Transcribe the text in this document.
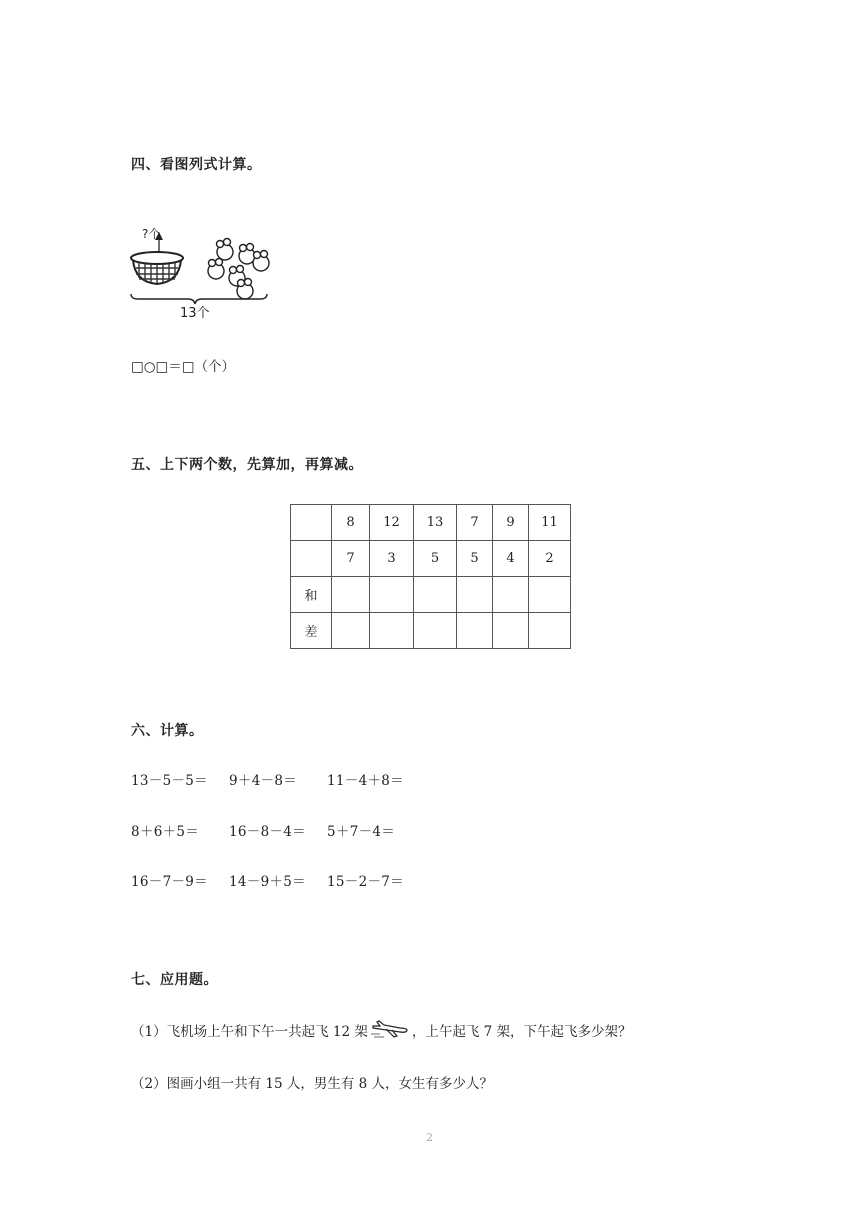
四、看图列式计算。
?个
13个
□○□＝□（个）
五、上下两个数，先算加，再算减。
	8	12	13	7	9	11
	7	3	5	5	4	2
和						
差						
六、计算。
13－5－5＝ 9＋4－8＝ 11－4＋8＝
8＋6＋5＝ 16－8－4＝ 5＋7－4＝
16－7－9＝ 14－9＋5＝ 15－2－7＝
七、应用题。
（1）飞机场上午和下午一共起飞 12 架	，上午起飞 7 架，下午起飞多少架？
（2）图画小组一共有 15 人，男生有 8 人，女生有多少人？
2
